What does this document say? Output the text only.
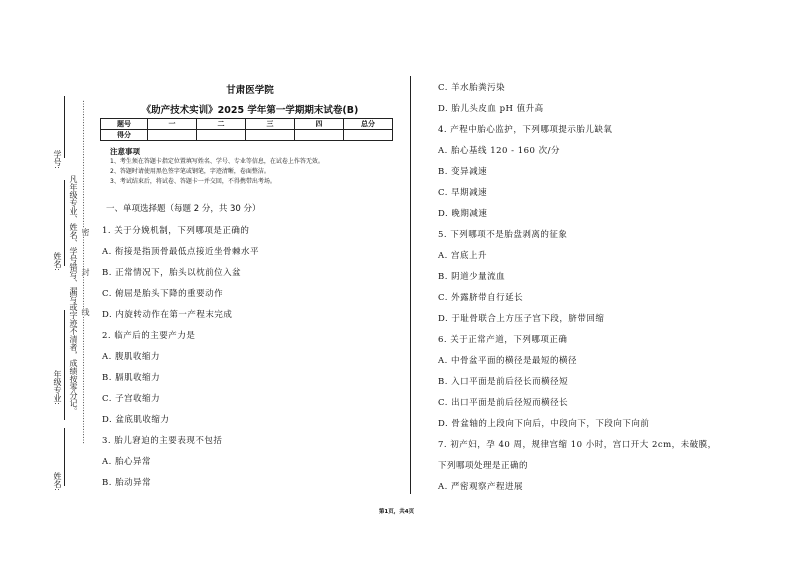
学号:
姓名:
年级专业:
姓名:
凡年级专业、姓名、学号错写、漏写或字迹不清者，成绩按零分记。 …………………………………………密…………封…………线…………………………………………
甘肃医学院
《助产技术实训》2025 学年第一学期期末试卷(B)
题号	一	二	三	四	总分
得分					
注意事项
1、考生须在答题卡指定位置填写姓名、学号、专业等信息，在试卷上作答无效。
2、答题时请使用黑色签字笔或钢笔，字迹清晰，卷面整洁。
3、考试结束后，将试卷、答题卡一并交回，不得携带出考场。
一、单项选择题（每题 2 分，共 30 分）
1. 关于分娩机制，下列哪项是正确的
A. 衔接是指顶骨最低点接近坐骨棘水平
B. 正常情况下，胎头以枕前位入盆
C. 俯屈是胎头下降的重要动作
D. 内旋转动作在第一产程末完成
2. 临产后的主要产力是
A. 腹肌收缩力
B. 膈肌收缩力
C. 子宫收缩力
D. 盆底肌收缩力
3. 胎儿窘迫的主要表现不包括
A. 胎心异常
B. 胎动异常
C. 羊水胎粪污染
D. 胎儿头皮血 pH 值升高
4. 产程中胎心监护，下列哪项提示胎儿缺氧
A. 胎心基线 120 - 160 次/分
B. 变异减速
C. 早期减速
D. 晚期减速
5. 下列哪项不是胎盘剥离的征象
A. 宫底上升
B. 阴道少量流血
C. 外露脐带自行延长
D. 于耻骨联合上方压子宫下段，脐带回缩
6. 关于正常产道，下列哪项正确
A. 中骨盆平面的横径是最短的横径
B. 入口平面是前后径长而横径短
C. 出口平面是前后径短而横径长
D. 骨盆轴的上段向下向后，中段向下，下段向下向前
7. 初产妇，孕 40 周，规律宫缩 10 小时，宫口开大 2cm，未破膜，
下列哪项处理是正确的
A. 严密观察产程进展
第1页，共4页
